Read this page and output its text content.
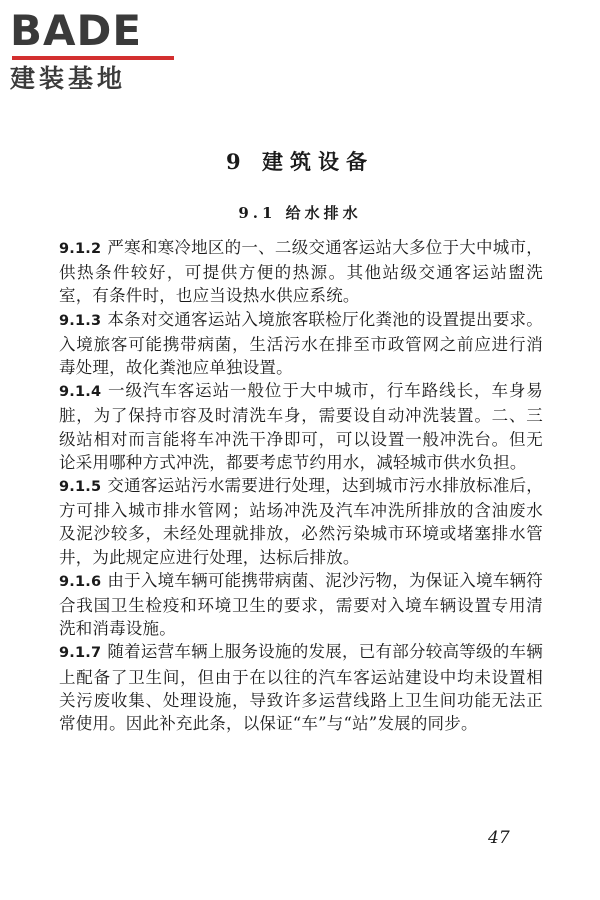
BADE
建装基地
9 建筑设备
9.1 给水排水

9.1.2 严寒和寒冷地区的一、二级交通客运站大多位于大中城市，供热条件较好，可提供方便的热源。其他站级交通客运站盥洗室，有条件时，也应当设热水供应系统。

9.1.3 本条对交通客运站入境旅客联检厅化粪池的设置提出要求。入境旅客可能携带病菌，生活污水在排至市政管网之前应进行消毒处理，故化粪池应单独设置。

9.1.4 一级汽车客运站一般位于大中城市，行车路线长，车身易脏，为了保持市容及时清洗车身，需要设自动冲洗装置。二、三级站相对而言能将车冲洗干净即可，可以设置一般冲洗台。但无论采用哪种方式冲洗，都要考虑节约用水，减轻城市供水负担。

9.1.5 交通客运站污水需要进行处理，达到城市污水排放标准后，方可排入城市排水管网；站场冲洗及汽车冲洗所排放的含油废水及泥沙较多，未经处理就排放，必然污染城市环境或堵塞排水管井，为此规定应进行处理，达标后排放。

9.1.6 由于入境车辆可能携带病菌、泥沙污物，为保证入境车辆符合我国卫生检疫和环境卫生的要求，需要对入境车辆设置专用清洗和消毒设施。

9.1.7 随着运营车辆上服务设施的发展，已有部分较高等级的车辆上配备了卫生间，但由于在以往的汽车客运站建设中均未设置相关污废收集、处理设施，导致许多运营线路上卫生间功能无法正常使用。因此补充此条，以保证“车”与“站”发展的同步。

47
